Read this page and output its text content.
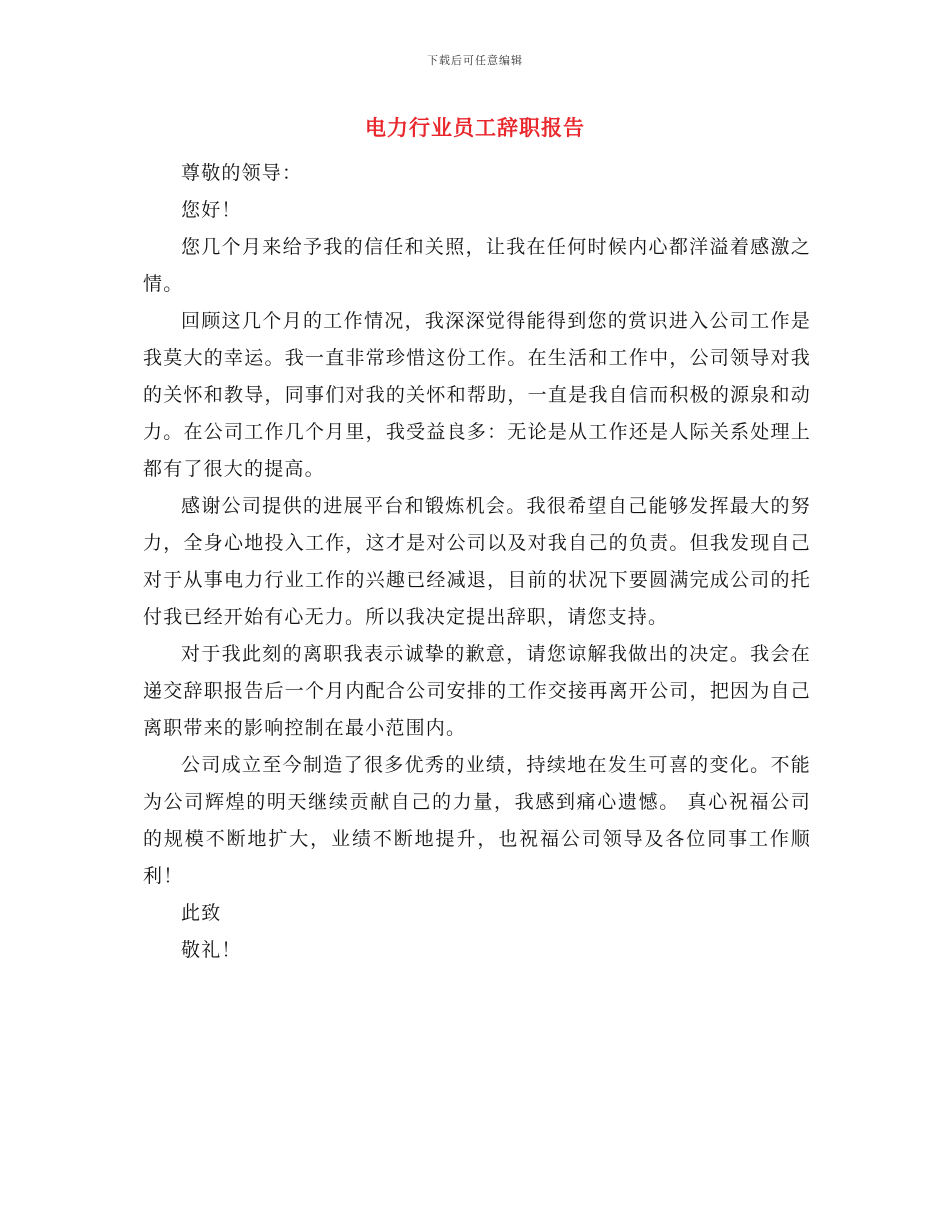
下载后可任意编辑
电力行业员工辞职报告

尊敬的领导：

您好！

您几个月来给予我的信任和关照，让我在任何时候内心都洋溢着感激之情。

回顾这几个月的工作情况，我深深觉得能得到您的赏识进入公司工作是我莫大的幸运。我一直非常珍惜这份工作。在生活和工作中，公司领导对我的关怀和教导，同事们对我的关怀和帮助，一直是我自信而积极的源泉和动力。在公司工作几个月里，我受益良多：无论是从工作还是人际关系处理上都有了很大的提高。

感谢公司提供的进展平台和锻炼机会。我很希望自己能够发挥最大的努力，全身心地投入工作，这才是对公司以及对我自己的负责。但我发现自己对于从事电力行业工作的兴趣已经减退，目前的状况下要圆满完成公司的托付我已经开始有心无力。所以我决定提出辞职，请您支持。

对于我此刻的离职我表示诚挚的歉意，请您谅解我做出的决定。我会在递交辞职报告后一个月内配合公司安排的工作交接再离开公司，把因为自己离职带来的影响控制在最小范围内。

公司成立至今制造了很多优秀的业绩，持续地在发生可喜的变化。不能为公司辉煌的明天继续贡献自己的力量，我感到痛心遗憾。 真心祝福公司的规模不断地扩大，业绩不断地提升，也祝福公司领导及各位同事工作顺利！

此致

敬礼！
